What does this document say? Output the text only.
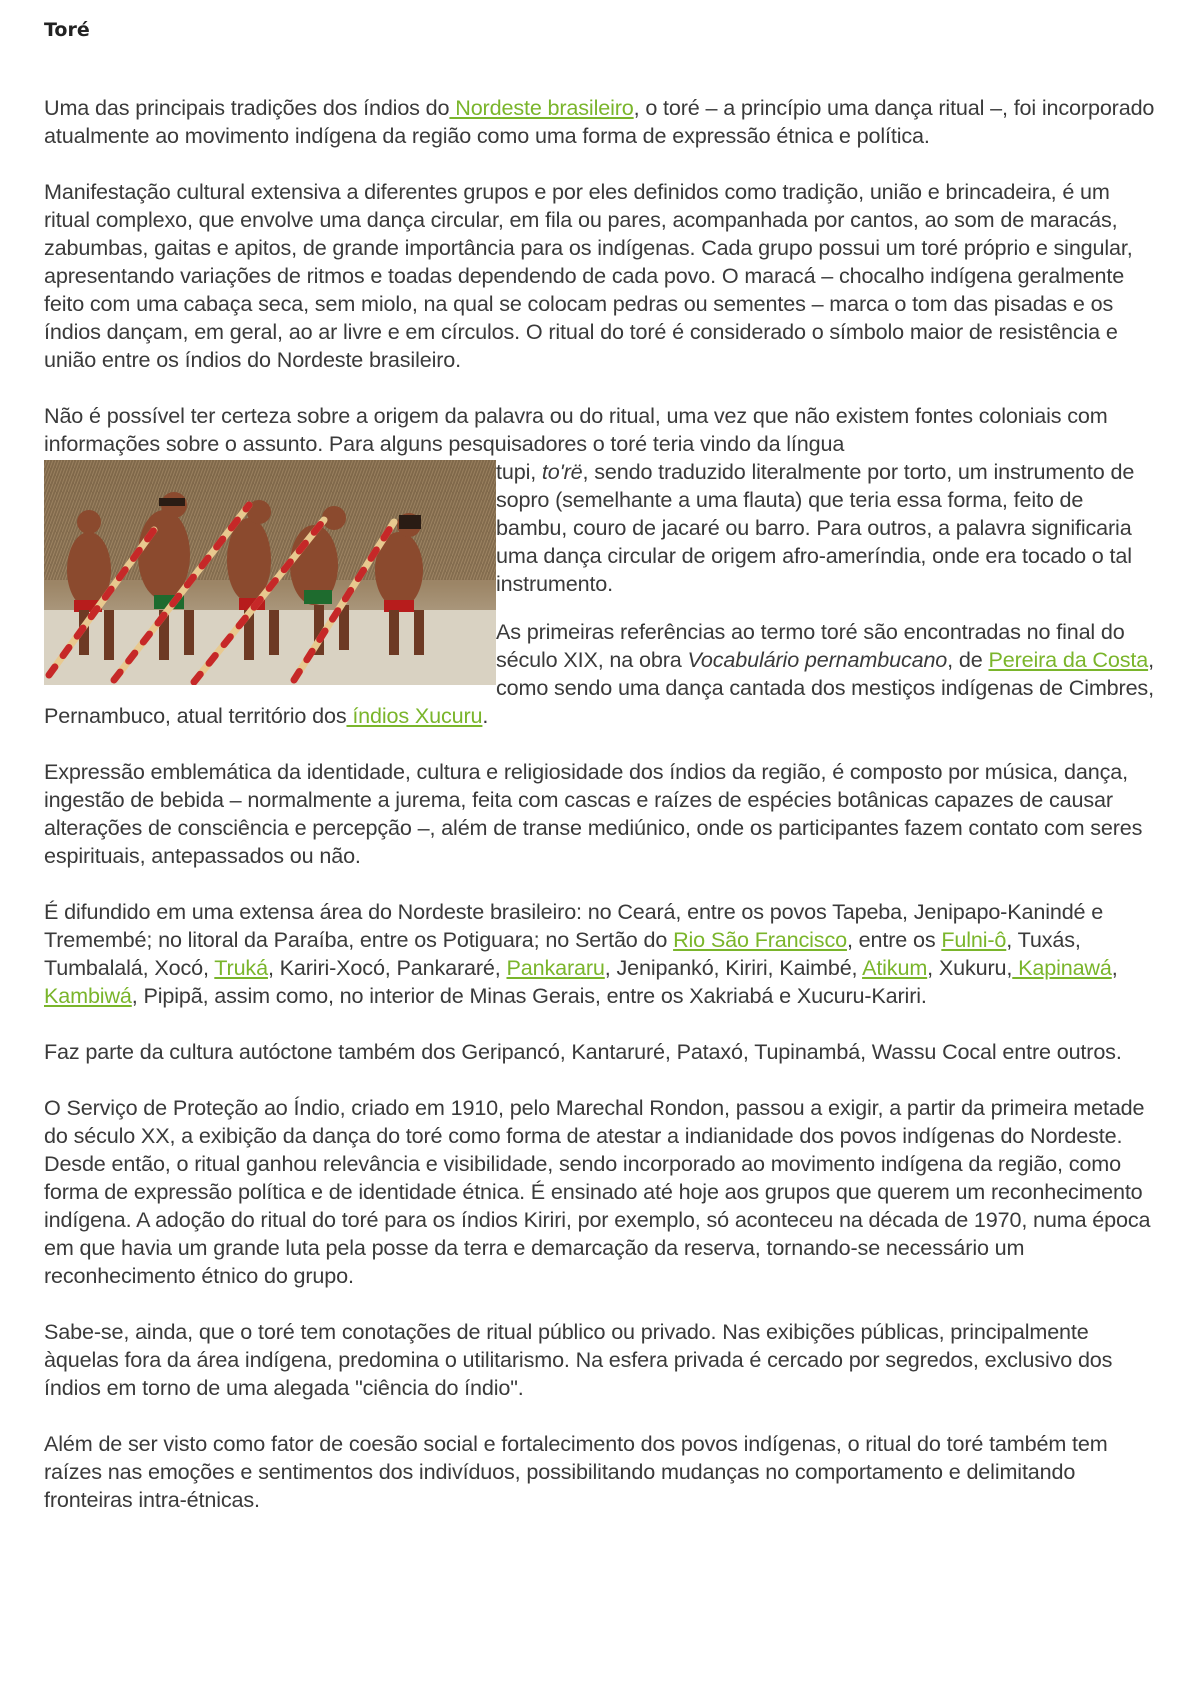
Toré

Uma das principais tradições dos índios do Nordeste brasileiro, o toré – a princípio uma dança ritual –, foi incorporado atualmente ao movimento indígena da região como uma forma de expressão étnica e política.

Manifestação cultural extensiva a diferentes grupos e por eles definidos como tradição, união e brincadeira, é um ritual complexo, que envolve uma dança circular, em fila ou pares, acompanhada por cantos, ao som de maracás, zabumbas, gaitas e apitos, de grande importância para os indígenas. Cada grupo possui um toré próprio e singular, apresentando variações de ritmos e toadas dependendo de cada povo. O maracá – chocalho indígena geralmente feito com uma cabaça seca, sem miolo, na qual se colocam pedras ou sementes – marca o tom das pisadas e os índios dançam, em geral, ao ar livre e em círculos. O ritual do toré é considerado o símbolo maior de resistência e união entre os índios do Nordeste brasileiro.

Não é possível ter certeza sobre a origem da palavra ou do ritual, uma vez que não existem fontes coloniais com informações sobre o assunto. Para alguns pesquisadores o toré teria vindo da língua

tupi, to'rë, sendo traduzido literalmente por torto, um instrumento de sopro (semelhante a uma flauta) que teria essa forma, feito de bambu, couro de jacaré ou barro. Para outros, a palavra significaria uma dança circular de origem afro-ameríndia, onde era tocado o tal instrumento.

As primeiras referências ao termo toré são encontradas no final do século XIX, na obra Vocabulário pernambucano, de Pereira da Costa, como sendo uma dança cantada dos mestiços indígenas de Cimbres, Pernambuco, atual território dos índios Xucuru.

Expressão emblemática da identidade, cultura e religiosidade dos índios da região, é composto por música, dança, ingestão de bebida – normalmente a jurema, feita com cascas e raízes de espécies botânicas capazes de causar alterações de consciência e percepção –, além de transe mediúnico, onde os participantes fazem contato com seres espirituais, antepassados ou não.

É difundido em uma extensa área do Nordeste brasileiro: no Ceará, entre os povos Tapeba, Jenipapo-Kanindé e Tremembé; no litoral da Paraíba, entre os Potiguara; no Sertão do Rio São Francisco, entre os Fulni-ô, Tuxás, Tumbalalá, Xocó, Truká, Kariri-Xocó, Pankararé, Pankararu, Jenipankó, Kiriri, Kaimbé, Atikum, Xukuru, Kapinawá, Kambiwá, Pipipã, assim como, no interior de Minas Gerais, entre os Xakriabá e Xucuru-Kariri.

Faz parte da cultura autóctone também dos Geripancó, Kantaruré, Pataxó, Tupinambá, Wassu Cocal entre outros.

O Serviço de Proteção ao Índio, criado em 1910, pelo Marechal Rondon, passou a exigir, a partir da primeira metade do século XX, a exibição da dança do toré como forma de atestar a indianidade dos povos indígenas do Nordeste. Desde então, o ritual ganhou relevância e visibilidade, sendo incorporado ao movimento indígena da região, como forma de expressão política e de identidade étnica. É ensinado até hoje aos grupos que querem um reconhecimento indígena. A adoção do ritual do toré para os índios Kiriri, por exemplo, só aconteceu na década de 1970, numa época em que havia um grande luta pela posse da terra e demarcação da reserva, tornando-se necessário um reconhecimento étnico do grupo.

Sabe-se, ainda, que o toré tem conotações de ritual público ou privado. Nas exibições públicas, principalmente àquelas fora da área indígena, predomina o utilitarismo. Na esfera privada é cercado por segredos, exclusivo dos índios em torno de uma alegada "ciência do índio".

Além de ser visto como fator de coesão social e fortalecimento dos povos indígenas, o ritual do toré também tem raízes nas emoções e sentimentos dos indivíduos, possibilitando mudanças no comportamento e delimitando fronteiras intra-étnicas.
